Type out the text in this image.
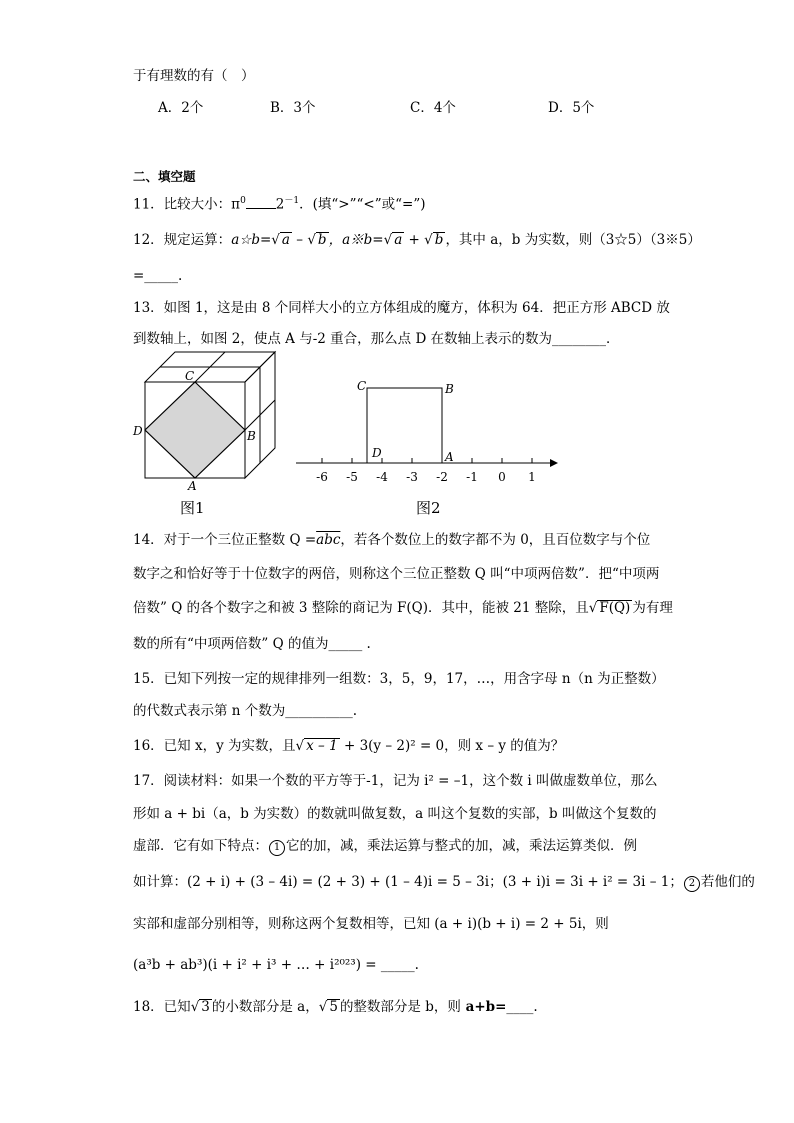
于有理数的有（　）
A．2个	B．3个	C．4个	D．5个
二、填空题
11．比较大小：$\pi^0$ $2^{-1}$．(填“>”“<”或“=”)
12．规定运算：a☆b=√ a – √ b ，a※b=√ a + √ b ，其中 a，b 为实数，则（3☆5）（3※5）
=_____.
13．如图 1，这是由 8 个同样大小的立方体组成的魔方，体积为 64．把正方形 ABCD 放
到数轴上，如图 2，使点 A 与-2 重合，那么点 D 在数轴上表示的数为________．
C
D	B
A
图1
C	B
D	A
-6 -5 -4 -3 -2 -1 0 1
图2
14．对于一个三位正整数 $Q =\overline{abc}$，若各个数位上的数字都不为 0，且百位数字与个位
数字之和恰好等于十位数字的两倍，则称这个三位正整数 Q 叫“中项两倍数”．把“中项两
倍数” Q 的各个数字之和被 3 整除的商记为 F(Q)．其中，能被 21 整除，且√ F(Q) 为有理
数的所有“中项两倍数” Q 的值为_____ .
15．已知下列按一定的规律排列一组数：3，5，9，17，…，用含字母 n（n 为正整数）
的代数式表示第 n 个数为__________.
16．已知 x，y 为实数，且√ x – 1 + 3(y – 2)² = 0，则 x – y 的值为？
17．阅读材料：如果一个数的平方等于-1，记为 i² = –1，这个数 i 叫做虚数单位，那么
形如 a + bi（a，b 为实数）的数就叫做复数，a 叫这个复数的实部，b 叫做这个复数的
虚部．它有如下特点： 1 它的加，减，乘法运算与整式的加，减，乘法运算类似．例
如计算：(2 + i) + (3 – 4i) = (2 + 3) + (1 – 4)i = 5 – 3i；(3 + i)i = 3i + i² = 3i – 1； 2 若他们的
实部和虚部分别相等，则称这两个复数相等，已知 (a + i)(b + i) = 2 + 5i，则
(a³b + ab³)(i + i² + i³ + … + i²⁰²³) = _____.
18．已知√ 3 的小数部分是 a，√ 5 的整数部分是 b，则 a+b=____.
